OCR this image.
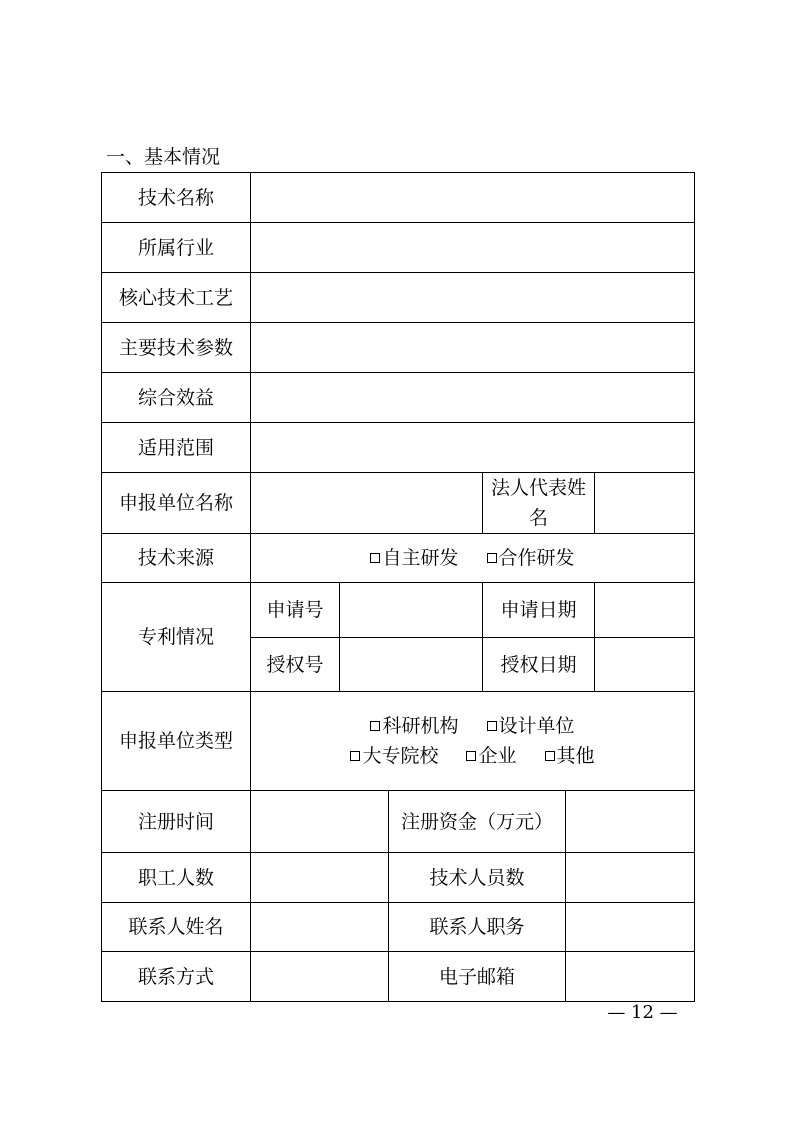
一、基本情况
技术名称						
所属行业						
核心技术工艺						
主要技术参数						
综合效益						
适用范围						
申报单位名称				法人代表姓名		
技术来源	自主研发 合作研发					
专利情况	申请号			申请日期		
	授权号			授权日期		
申报单位类型	科研机构 设计单位
大专院校 企业 其他					

注册时间			注册资金（万元）			
职工人数			技术人员数			
联系人姓名			联系人职务			
联系方式			电子邮箱			
— 12 —
